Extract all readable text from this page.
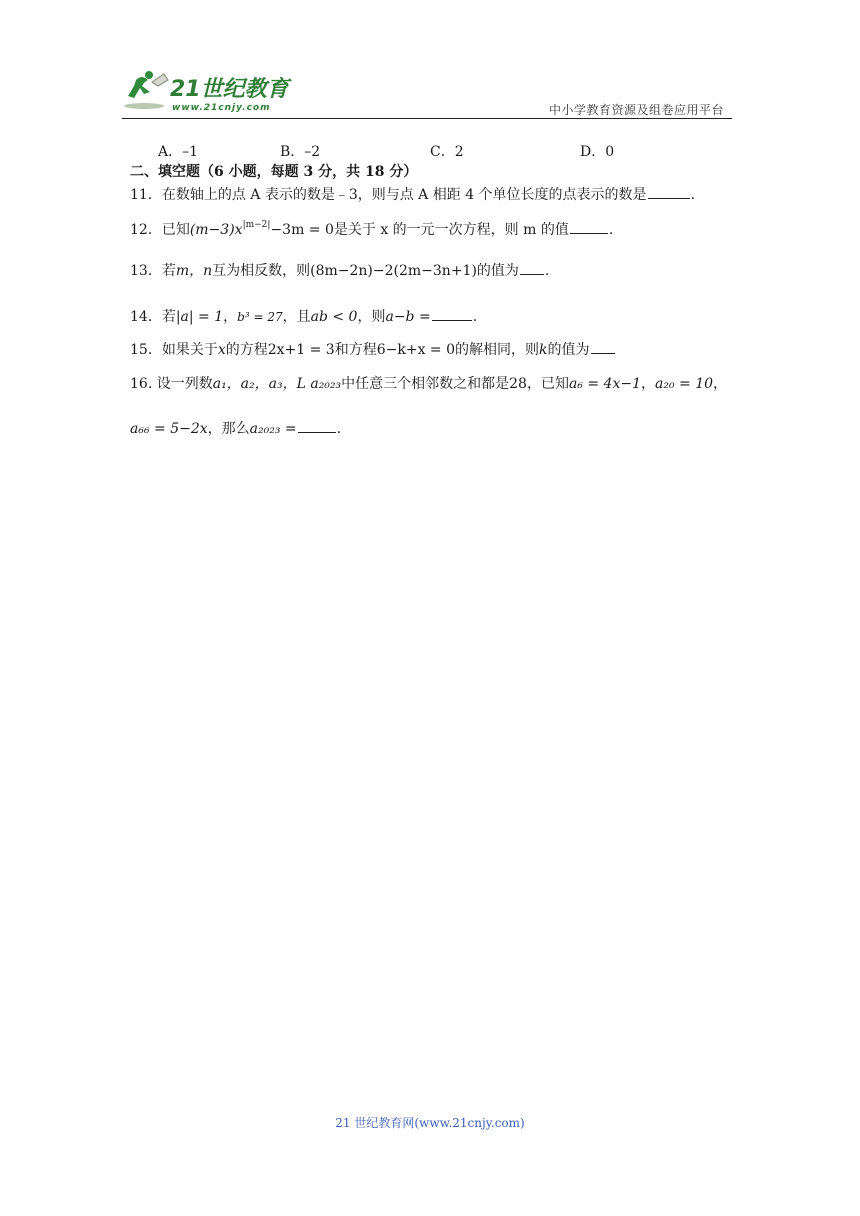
21世纪教育
www.21cnjy.com	中小学教育资源及组卷应用平台
A．–1	B．–2	C．2	D．0
二、填空题（6 小题，每题 3 分，共 18 分）
11．在数轴上的点 A 表示的数是﹣3，则与点 A 相距 4 个单位长度的点表示的数是	.
12．已知$(m-3)x^{|m-2|}-3m = 0$是关于 x 的一元一次方程，则 m 的值	.
13．若m，n互为相反数，则(8m−2n)−2(2m−3n+1)的值为 .
14．若|a| = 1，b³ = 27，且ab < 0，则a−b =	.
15．如果关于x的方程2x+1 = 3和方程6−k+x = 0的解相同，则k的值为
16. 设一列数a₁，a₂，a₃，L a₂₀₂₃中任意三个相邻数之和都是28，已知a₆ = 4x−1，a₂₀ = 10，
a₆₆ = 5−2x，那么a₂₀₂₃ =	.
21 世纪教育网(www.21cnjy.com)
